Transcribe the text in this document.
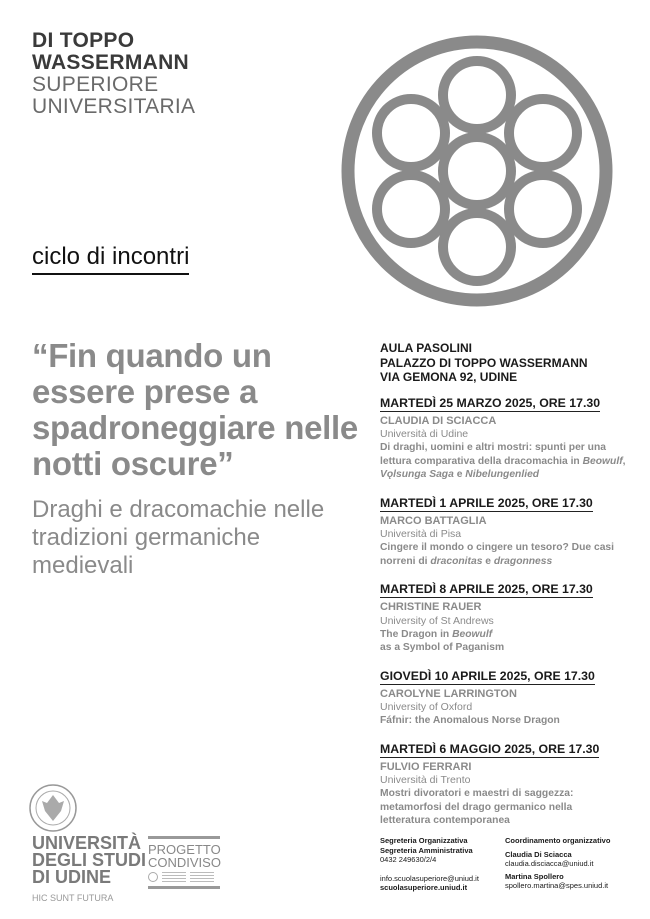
DI TOPPO
WASSERMANN
SUPERIORE
UNIVERSITARIA
ciclo di incontri
“Fin quando un essere prese a spadroneggiare nelle notti oscure”
Draghi e dracomachie nelle tradizioni germaniche medievali
AULA PASOLINI
PALAZZO DI TOPPO WASSERMANN
VIA GEMONA 92, UDINE
MARTEDÌ 25 MARZO 2025, ORE 17.30
CLAUDIA DI SCIACCA
Università di Udine
Di draghi, uomini e altri mostri: spunti per una lettura comparativa della dracomachia in Beowulf, Vǫlsunga Saga e Nibelungenlied
MARTEDÌ 1 APRILE 2025, ORE 17.30
MARCO BATTAGLIA
Università di Pisa
Cingere il mondo o cingere un tesoro? Due casi norreni di draconitas e dragonness
MARTEDÌ 8 APRILE 2025, ORE 17.30
CHRISTINE RAUER
University of St Andrews
The Dragon in Beowulf
as a Symbol of Paganism
GIOVEDÌ 10 APRILE 2025, ORE 17.30
CAROLYNE LARRINGTON
University of Oxford
Fáfnir: the Anomalous Norse Dragon
MARTEDÌ 6 MAGGIO 2025, ORE 17.30
FULVIO FERRARI
Università di Trento
Mostri divoratori e maestri di saggezza: metamorfosi del drago germanico nella letteratura contemporanea
UNIVERSITÀ
DEGLI STUDI
DI UDINE
HIC SUNT FUTURA
PROGETTO
CONDIVISO
Segreteria Organizzativa
Segreteria Amministrativa
0432 249630/2/4
info.scuolasuperiore@uniud.it
scuolasuperiore.uniud.it
Coordinamento organizzativo
Claudia Di Sciacca
claudia.disciacca@uniud.it
Martina Spollero
spollero.martina@spes.uniud.it
